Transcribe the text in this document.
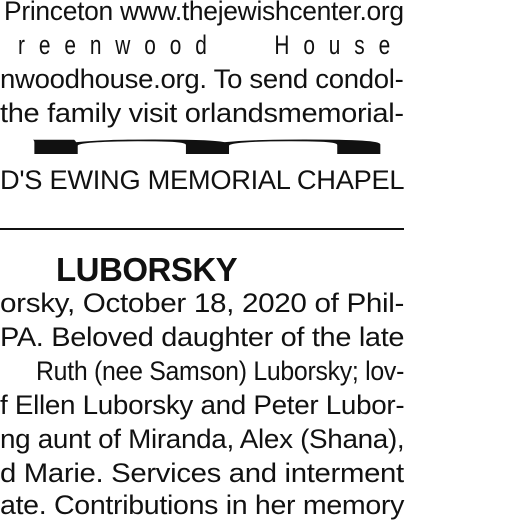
Princeton www.thejewishcenter.org
reenwood House
nwoodhouse.org. To send condol-
the family visit orlandsmemorial-
m
D'S EWING MEMORIAL CHAPEL
LUBORSKY
orsky, October 18, 2020 of Phil-
PA. Beloved daughter of the late
Ruth (nee Samson) Luborsky; lov-
f Ellen Luborsky and Peter Lubor-
ng aunt of Miranda, Alex (Shana),
d Marie. Services and interment
ate. Contributions in her memory
